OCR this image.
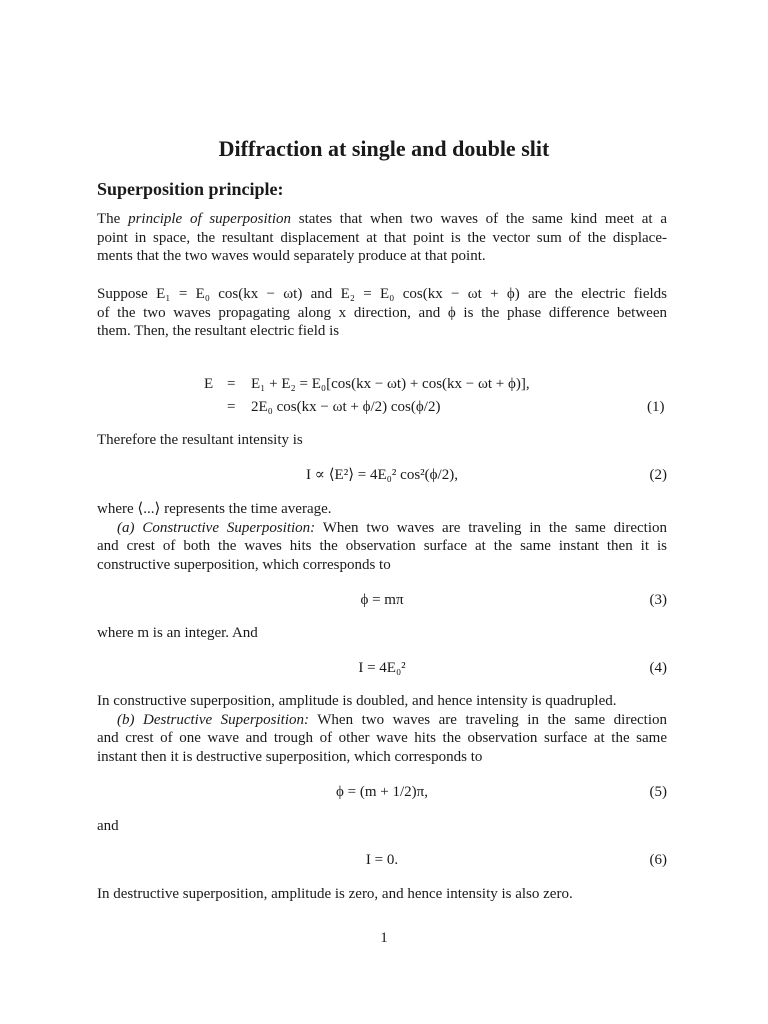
Diffraction at single and double slit
Superposition principle:

The principle of superposition states that when two waves of the same kind meet at a
point in space, the resultant displacement at that point is the vector sum of the displace-
ments that the two waves would separately produce at that point.

Suppose E₁ = E₀ cos(kx − ωt) and E₂ = E₀ cos(kx − ωt + ϕ) are the electric fields
of the two waves propagating along x direction, and ϕ is the phase difference between
them. Then, the resultant electric field is

E = E₁ + E₂ = E₀[cos(kx − ωt) + cos(kx − ωt + ϕ)],
= 2E₀ cos(kx − ωt + ϕ/2) cos(ϕ/2)	(1)

Therefore the resultant intensity is

I ∝ ⟨E²⟩ = 4E₀² cos²(ϕ/2),	(2)

where ⟨...⟩ represents the time average.
(a) Constructive Superposition: When two waves are traveling in the same direction
and crest of both the waves hits the observation surface at the same instant then it is
constructive superposition, which corresponds to

ϕ = mπ	(3)

where m is an integer. And

I = 4E₀²	(4)

In constructive superposition, amplitude is doubled, and hence intensity is quadrupled.
(b) Destructive Superposition: When two waves are traveling in the same direction
and crest of one wave and trough of other wave hits the observation surface at the same
instant then it is destructive superposition, which corresponds to

ϕ = (m + 1/2)π,	(5)

and

I = 0.	(6)

In destructive superposition, amplitude is zero, and hence intensity is also zero.

1
